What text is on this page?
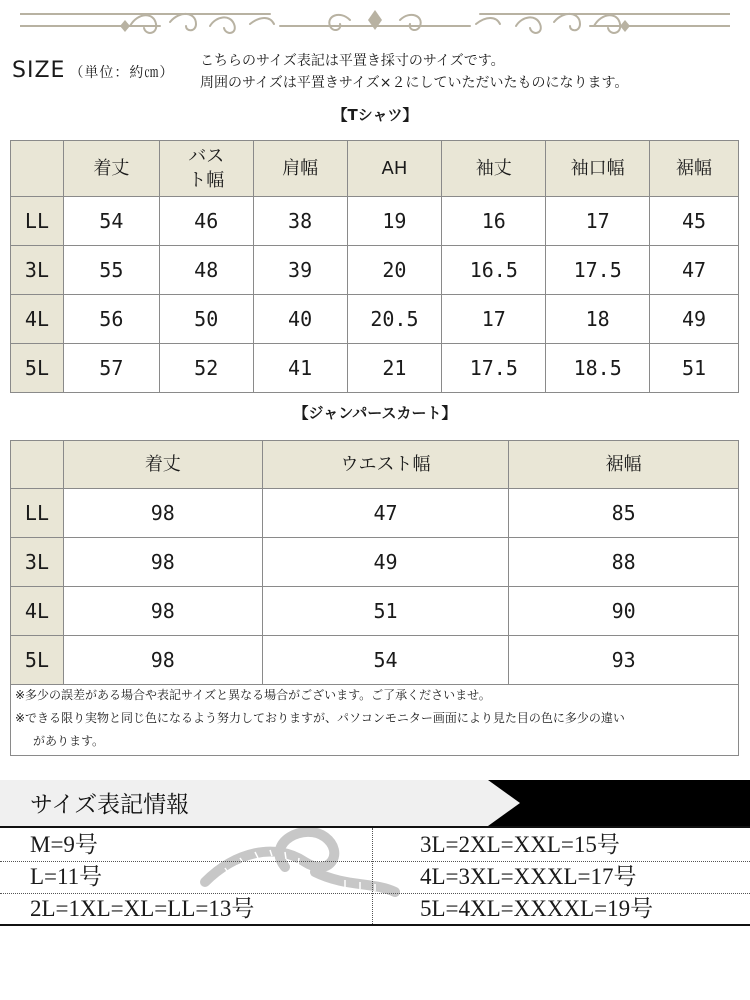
SIZE （単位：約㎝）
こちらのサイズ表記は平置き採寸のサイズです。
周囲のサイズは平置きサイズ×２にしていただいたものになります。
【Tシャツ】
	着丈	バスト幅	肩幅	AH	袖丈	袖口幅	裾幅
LL	54	46	38	19	16	17	45
3L	55	48	39	20	16.5	17.5	47
4L	56	50	40	20.5	17	18	49
5L	57	52	41	21	17.5	18.5	51
【ジャンパースカート】
	着丈	ウエスト幅	裾幅
LL	98	47	85
3L	98	49	88
4L	98	51	90
5L	98	54	93
※多少の誤差がある場合や表記サイズと異なる場合がございます。ご了承くださいませ。
※できる限り実物と同じ色になるよう努力しておりますが、パソコンモニター画面により見た目の色に多少の違い
があります。
サイズ表記情報
M=9号
L=11号
2L=1XL=XL=LL=13号
3L=2XL=XXL=15号
4L=3XL=XXXL=17号
5L=4XL=XXXXL=19号
